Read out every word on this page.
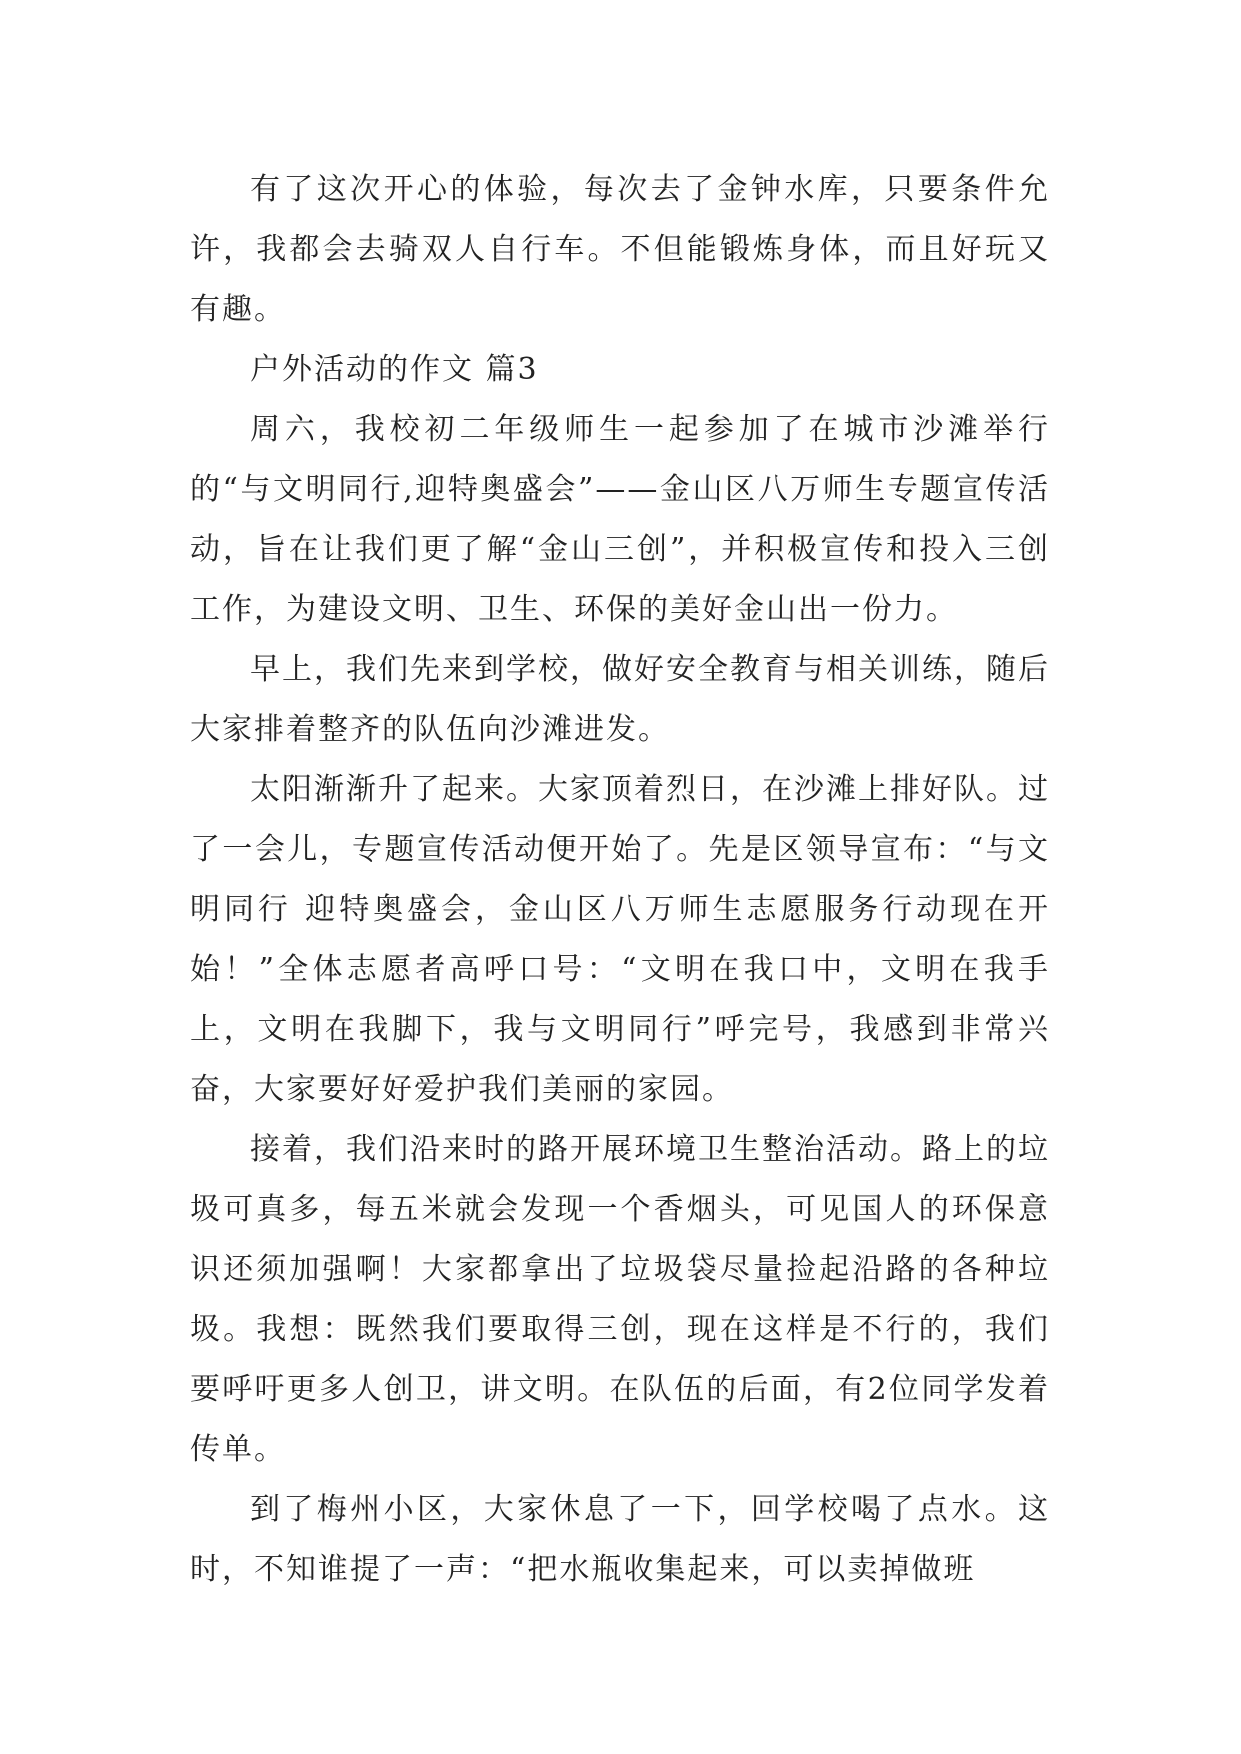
有了这次开心的体验，每次去了金钟水库，只要条件允许，我都会去骑双人自行车。不但能锻炼身体，而且好玩又有趣。

户外活动的作文 篇3

周六，我校初二年级师生一起参加了在城市沙滩举行的“与文明同行,迎特奥盛会”——金山区八万师生专题宣传活动，旨在让我们更了解“金山三创”，并积极宣传和投入三创工作，为建设文明、卫生、环保的美好金山出一份力。

早上，我们先来到学校，做好安全教育与相关训练，随后大家排着整齐的队伍向沙滩进发。

太阳渐渐升了起来。大家顶着烈日，在沙滩上排好队。过了一会儿，专题宣传活动便开始了。先是区领导宣布：“与文明同行 迎特奥盛会，金山区八万师生志愿服务行动现在开始！”全体志愿者高呼口号：“文明在我口中，文明在我手上，文明在我脚下，我与文明同行”呼完号，我感到非常兴奋，大家要好好爱护我们美丽的家园。

接着，我们沿来时的路开展环境卫生整治活动。路上的垃圾可真多，每五米就会发现一个香烟头，可见国人的环保意识还须加强啊！大家都拿出了垃圾袋尽量捡起沿路的各种垃圾。我想：既然我们要取得三创，现在这样是不行的，我们要呼吁更多人创卫，讲文明。在队伍的后面，有2位同学发着传单。

到了梅州小区，大家休息了一下，回学校喝了点水。这时，不知谁提了一声：“把水瓶收集起来，可以卖掉做班
